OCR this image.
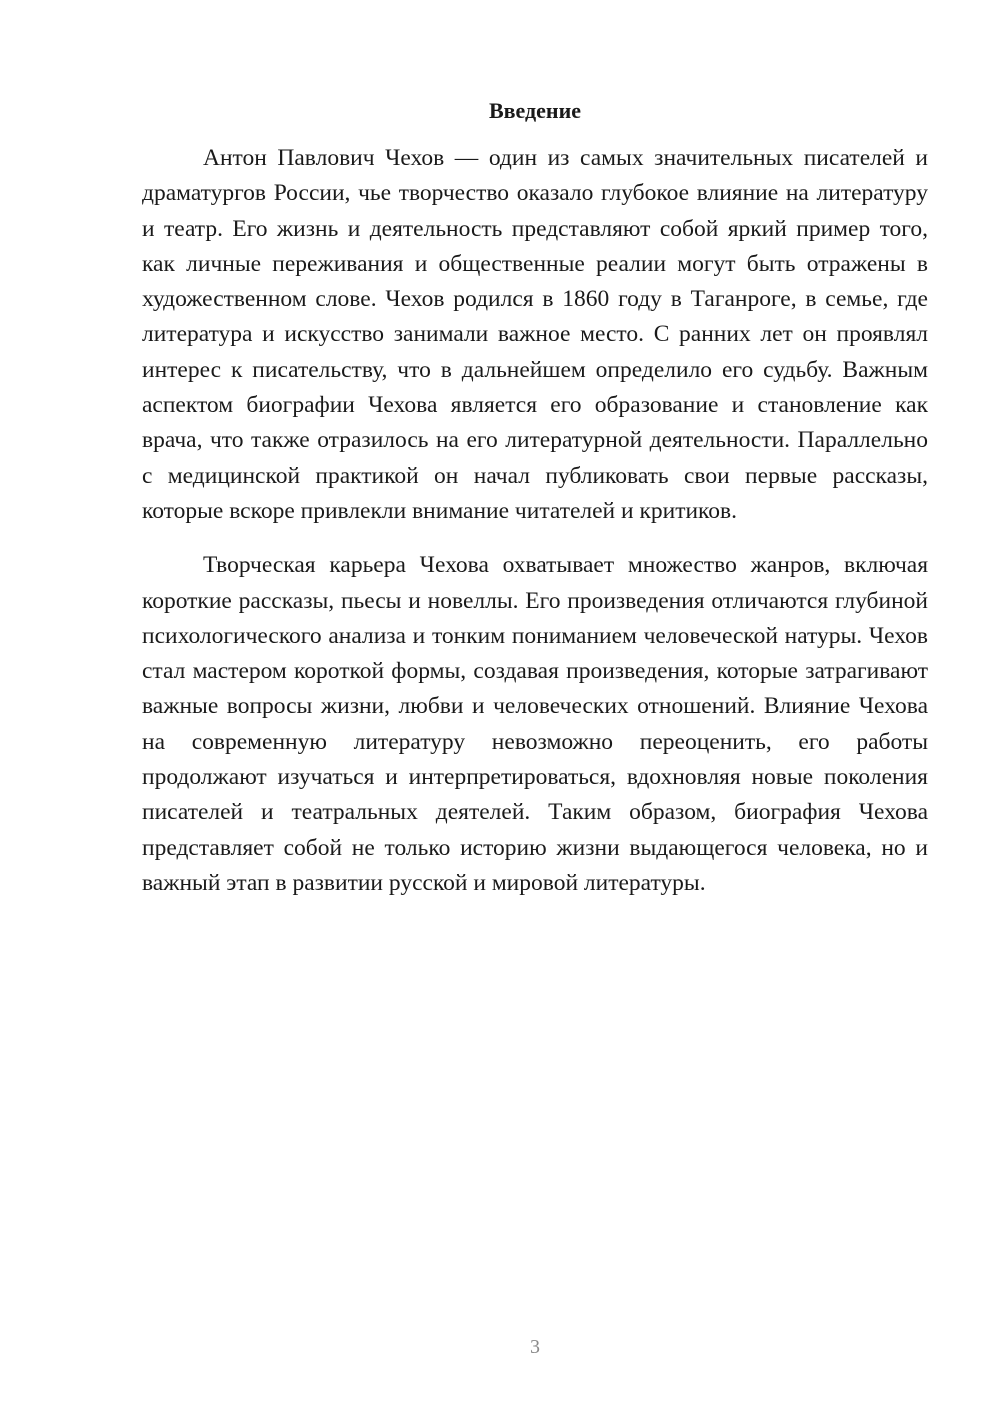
Введение

Антон Павлович Чехов — один из самых значительных писателей и драматургов России, чье творчество оказало глубокое влияние на литературу и театр. Его жизнь и деятельность представляют собой яркий пример того, как личные переживания и общественные реалии могут быть отражены в художественном слове. Чехов родился в 1860 году в Таганроге, в семье, где литература и искусство занимали важное место. С ранних лет он проявлял интерес к писательству, что в дальнейшем определило его судьбу. Важным аспектом биографии Чехова является его образование и становление как врача, что также отразилось на его литературной деятельности. Параллельно с медицинской практикой он начал публиковать свои первые рассказы, которые вскоре привлекли внимание читателей и критиков.

Творческая карьера Чехова охватывает множество жанров, включая короткие рассказы, пьесы и новеллы. Его произведения отличаются глубиной психологического анализа и тонким пониманием человеческой натуры. Чехов стал мастером короткой формы, создавая произведения, которые затрагивают важные вопросы жизни, любви и человеческих отношений. Влияние Чехова на современную литературу невозможно переоценить, его работы продолжают изучаться и интерпретироваться, вдохновляя новые поколения писателей и театральных деятелей. Таким образом, биография Чехова представляет собой не только историю жизни выдающегося человека, но и важный этап в развитии русской и мировой литературы.

3
